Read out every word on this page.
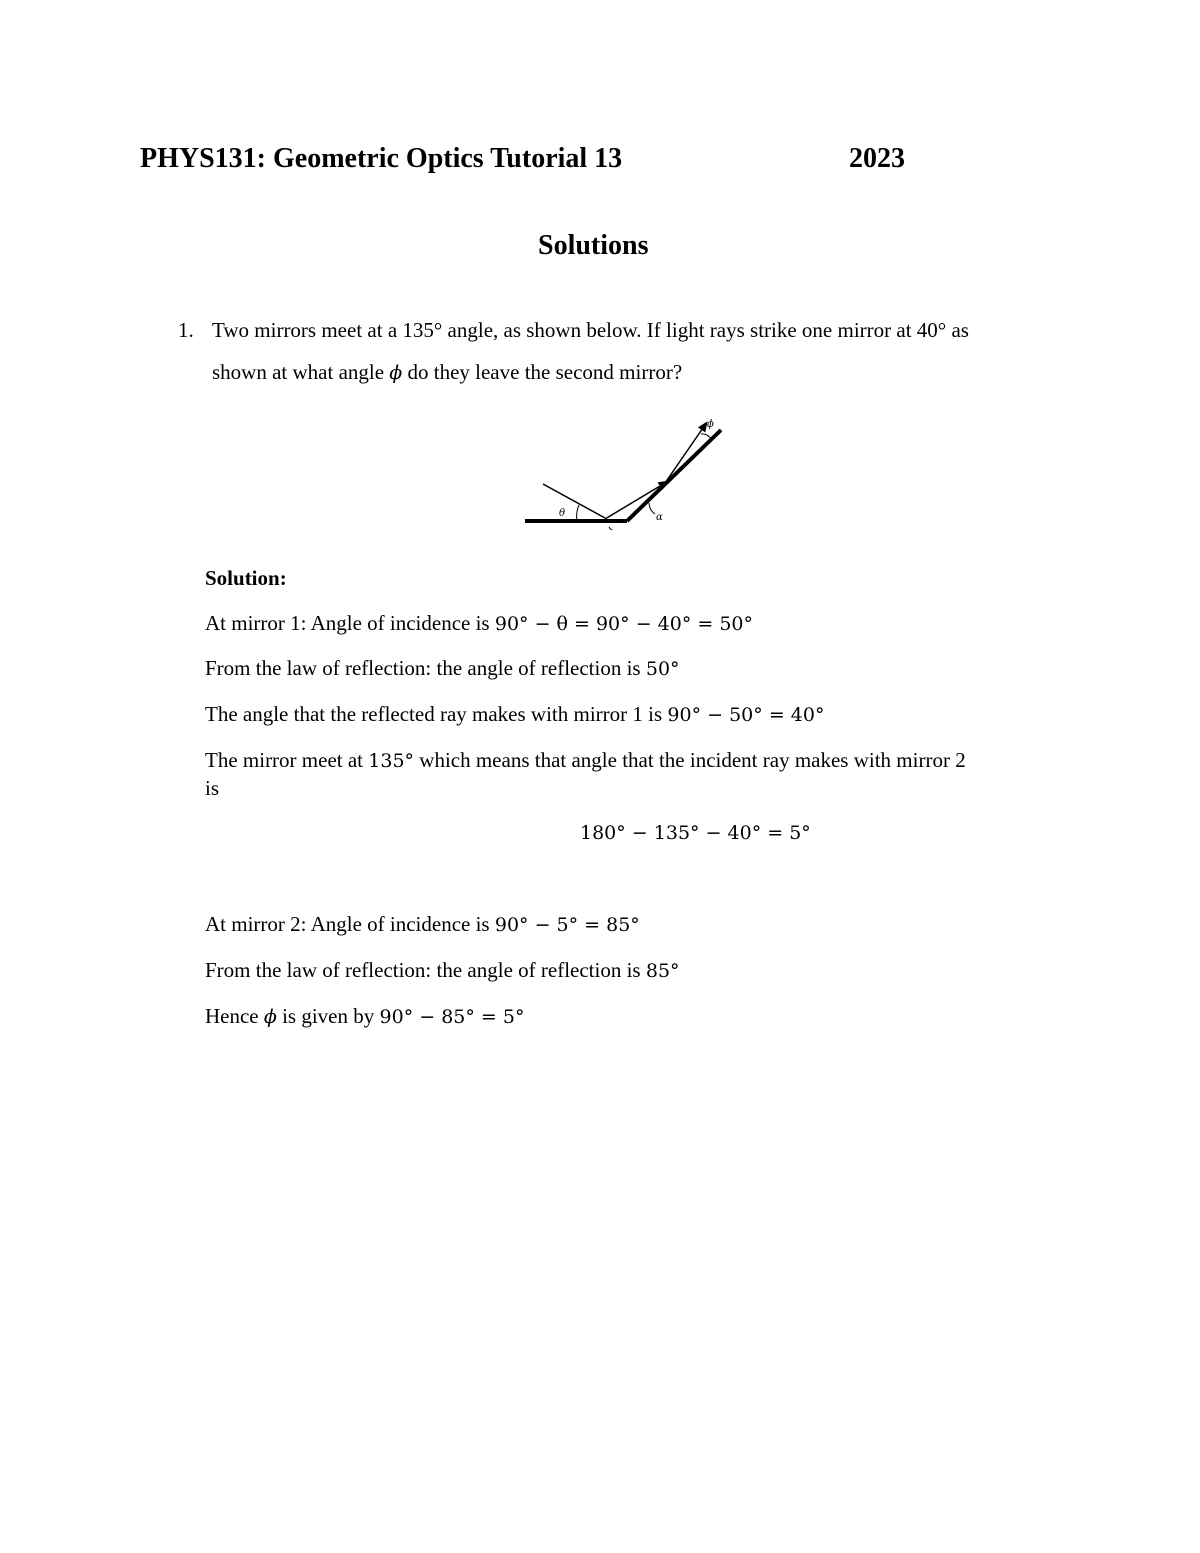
PHYS131: Geometric Optics Tutorial 13	2023
Solutions
1. Two mirrors meet at a 135° angle, as shown below. If light rays strike one mirror at 40° as
shown at what angle ϕ do they leave the second mirror?
θ	α
ϕ
Solution:
At mirror 1: Angle of incidence is 90° − θ = 90° − 40° = 50°
From the law of reflection: the angle of reflection is 50°
The angle that the reflected ray makes with mirror 1 is 90° − 50° = 40°
The mirror meet at 135° which means that angle that the incident ray makes with mirror 2
is
180° − 135° − 40° = 5°
At mirror 2: Angle of incidence is 90° − 5° = 85°
From the law of reflection: the angle of reflection is 85°
Hence ϕ is given by 90° − 85° = 5°
